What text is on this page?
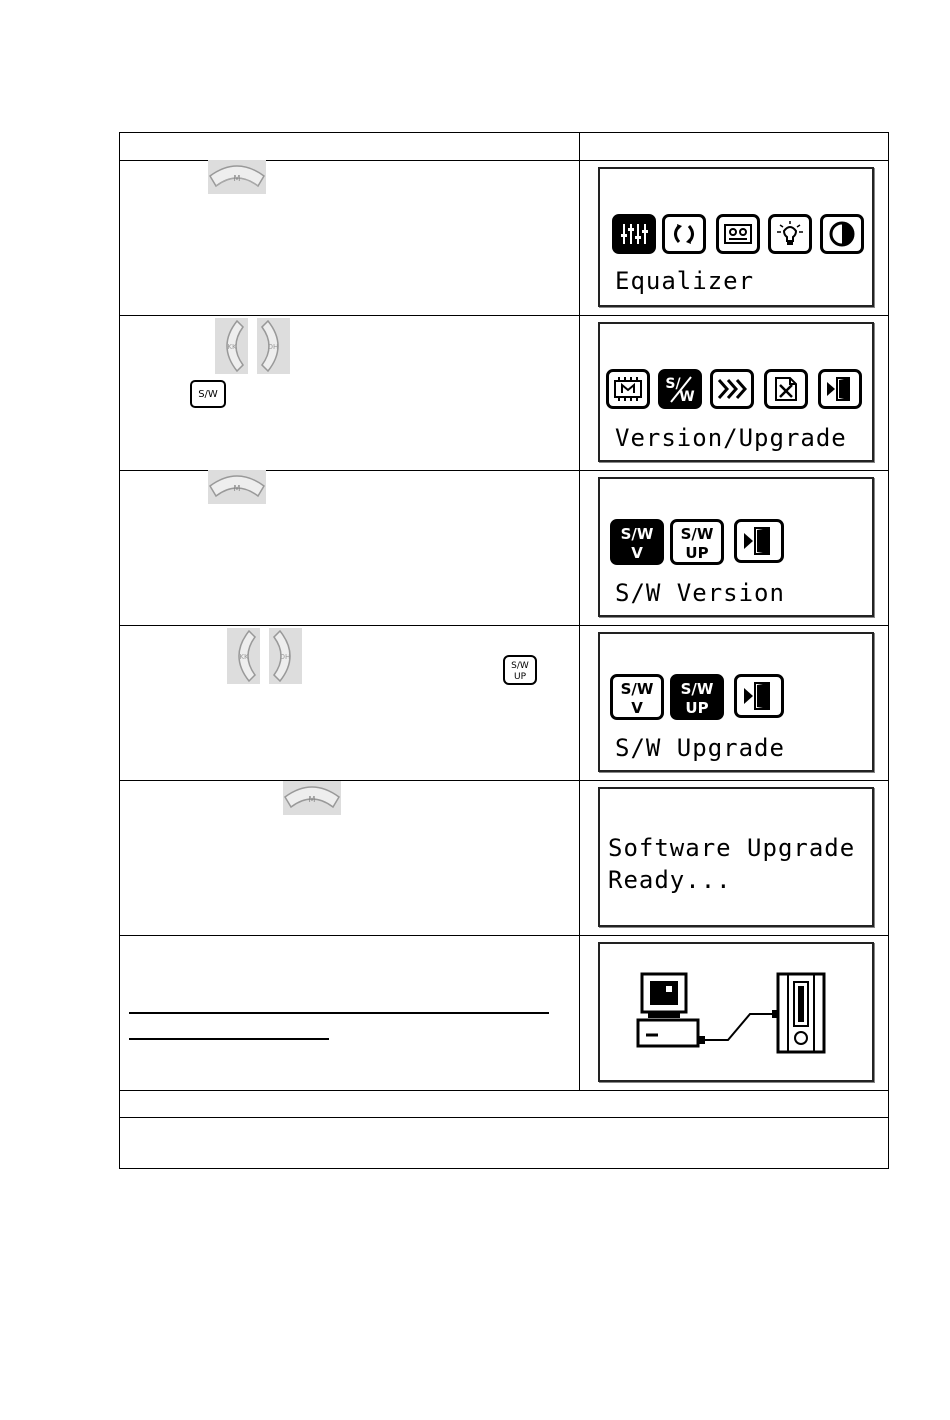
M
Equalizer
KK	DH
S/W
S/
W
Version/Upgrade
M
S/W
V
S/W
UP
S/W Version
KK	DH
S/W
UP
S/W
V
S/W
UP
S/W Upgrade
M
Software Upgrade
Ready...
